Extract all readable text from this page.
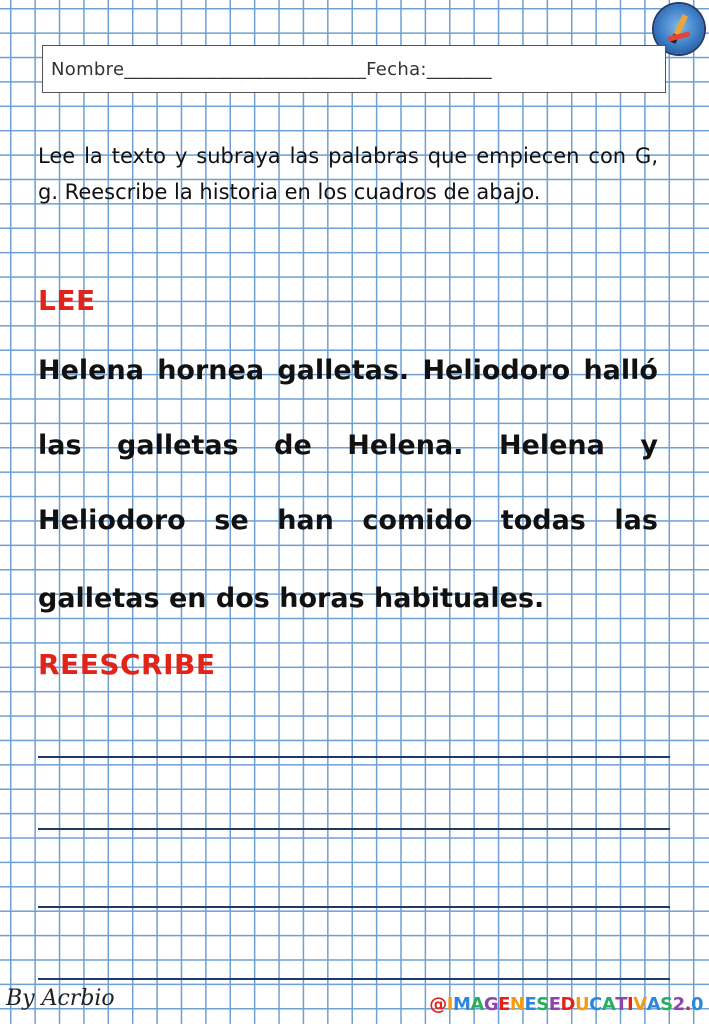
Nombre__________________________Fecha:_______

Lee la texto y subraya las palabras que empiecen con G, g. Reescribe la historia en los cuadros de abajo.

LEE
Helena hornea galletas. Heliodoro halló
las galletas de Helena. Helena y
Heliodoro se han comido todas las
galletas en dos horas habituales.
REESCRIBE
By Acrbio	@IMAGENESEDUCATIVAS2.0
